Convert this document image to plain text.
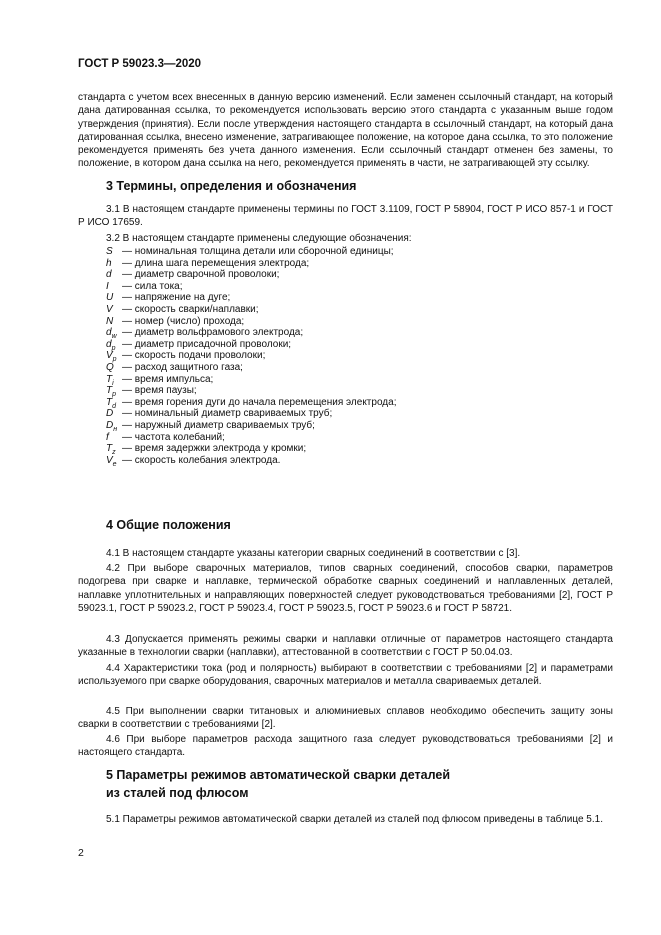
ГОСТ Р 59023.3—2020

стандарта с учетом всех внесенных в данную версию изменений. Если заменен ссылочный стандарт, на который дана датированная ссылка, то рекомендуется использовать версию этого стандарта с указанным выше годом утверждения (принятия). Если после утверждения настоящего стандарта в ссылочный стандарт, на который дана датированная ссылка, внесено изменение, затрагивающее положение, на которое дана ссылка, то это положение рекомендуется применять без учета данного изменения. Если ссылочный стандарт отменен без замены, то положение, в котором дана ссылка на него, рекомендуется применять в части, не затрагивающей эту ссылку.

3 Термины, определения и обозначения

3.1 В настоящем стандарте применены термины по ГОСТ 3.1109, ГОСТ Р 58904, ГОСТ Р ИСО 857-1 и ГОСТ Р ИСО 17659.

3.2 В настоящем стандарте применены следующие обозначения:

S — номинальная толщина детали или сборочной единицы;
h — длина шага перемещения электрода;
d — диаметр сварочной проволоки;
I — сила тока;
U — напряжение на дуге;
V — скорость сварки/наплавки;
N — номер (число) прохода;
$d_w$ — диаметр вольфрамового электрода;
$d_p$ — диаметр присадочной проволоки;
$V_p$ — скорость подачи проволоки;
Q — расход защитного газа;
$T_i$ — время импульса;
$T_p$ — время паузы;
$T_d$ — время горения дуги до начала перемещения электрода;
D — номинальный диаметр свариваемых труб;
$D_н$ — наружный диаметр свариваемых труб;
f — частота колебаний;
$T_z$ — время задержки электрода у кромки;
$V_e$ — скорость колебания электрода.
4 Общие положения

4.1 В настоящем стандарте указаны категории сварных соединений в соответствии с [3].

4.2 При выборе сварочных материалов, типов сварных соединений, способов сварки, параметров подогрева при сварке и наплавке, термической обработке сварных соединений и наплавленных деталей, наплавке уплотнительных и направляющих поверхностей следует руководствоваться требованиями [2], ГОСТ Р 59023.1, ГОСТ Р 59023.2, ГОСТ Р 59023.4, ГОСТ Р 59023.5, ГОСТ Р 59023.6 и ГОСТ Р 58721.

4.3 Допускается применять режимы сварки и наплавки отличные от параметров настоящего стандарта указанные в технологии сварки (наплавки), аттестованной в соответствии с ГОСТ Р 50.04.03.

4.4 Характеристики тока (род и полярность) выбирают в соответствии с требованиями [2] и параметрами используемого при сварке оборудования, сварочных материалов и металла свариваемых деталей.

4.5 При выполнении сварки титановых и алюминиевых сплавов необходимо обеспечить защиту зоны сварки в соответствии с требованиями [2].

4.6 При выборе параметров расхода защитного газа следует руководствоваться требованиями [2] и настоящего стандарта.

5 Параметры режимов автоматической сварки деталей
из сталей под флюсом

5.1 Параметры режимов автоматической сварки деталей из сталей под флюсом приведены в таблице 5.1.

2
